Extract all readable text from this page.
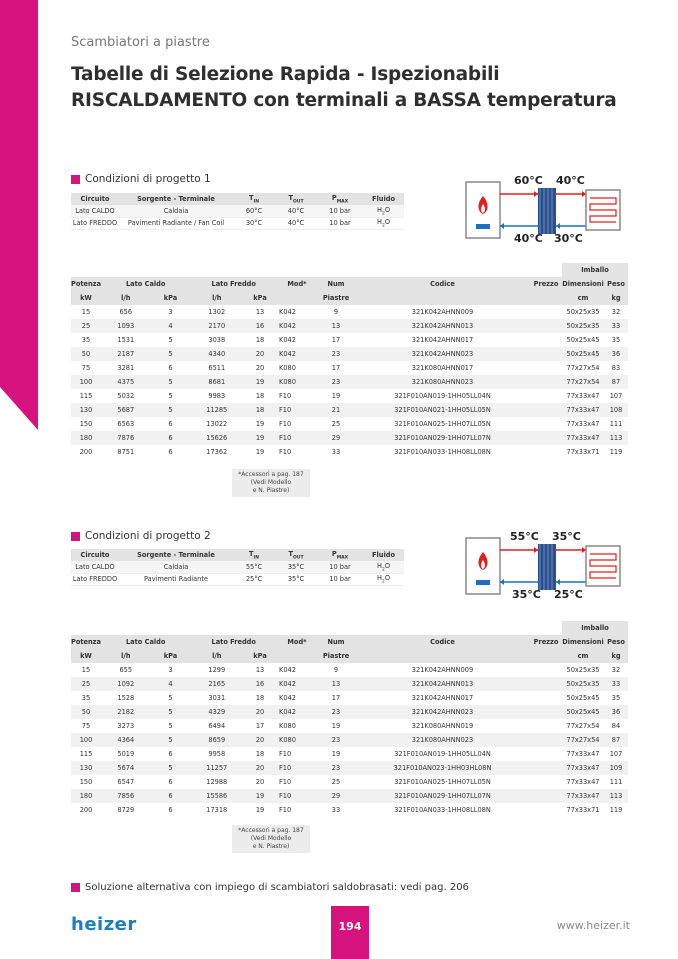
Scambiatori a piastre
Tabelle di Selezione Rapida - Ispezionabili
RISCALDAMENTO con terminali a BASSA temperatura
Condizioni di progetto 1
Circuito	Sorgente - Terminale	$T_{IN}$	$T_{OUT}$	$P_{MAX}$	Fluido
Lato CALDO	Caldaia	60°C	40°C	10 bar	$H_2O$
Lato FREDDO	Pavimenti Radiante / Fan Coil	30°C	40°C	10 bar	$H_2O$
60°C 40°C
40°C 30°C
									Imballo	
Potenza	Lato Caldo		Lato Freddo		Mod*	Num	Codice	Prezzo	Dimensioni	Peso
kW	l/h	kPa	l/h	kPa		Piastre			cm	kg
15	656	3	1302	13	K042	9	321K042AHNN009		50x25x35	32
25	1093	4	2170	16	K042	13	321K042AHNN013		50x25x35	33
35	1531	5	3038	18	K042	17	321K042AHNN017		50x25x45	35
50	2187	5	4340	20	K042	23	321K042AHNN023		50x25x45	36
75	3281	6	6511	20	K080	17	321K080AHNN017		77x27x54	83
100	4375	5	8681	19	K080	23	321K080AHNN023		77x27x54	87
115	5032	5	9983	18	F10	19	321F010AN019-1HH05LL04N		77x33x47	107
130	5687	5	11285	18	F10	21	321F010AN021-1HH05LL05N		77x33x47	108
150	6563	6	13022	19	F10	25	321F010AN025-1HH07LL05N		77x33x47	111
180	7876	6	15626	19	F10	29	321F010AN029-1HH07LL07N		77x33x47	113
200	8751	6	17362	19	F10	33	321F010AN033-1HH08LL08N		77x33x71	119
*Accessori a pag. 187
(Vedi Modello
e N. Piastre)
Condizioni di progetto 2
Circuito	Sorgente - Terminale	$T_{IN}$	$T_{OUT}$	$P_{MAX}$	Fluido
Lato CALDO	Caldaia	55°C	35°C	10 bar	$H_2O$
Lato FREDDO	Pavimenti Radiante	25°C	35°C	10 bar	$H_2O$
55°C 35°C
35°C 25°C
									Imballo	
Potenza	Lato Caldo		Lato Freddo		Mod*	Num	Codice	Prezzo	Dimensioni	Peso
kW	l/h	kPa	l/h	kPa		Piastre			cm	kg
15	655	3	1299	13	K042	9	321K042AHNN009		50x25x35	32
25	1092	4	2165	16	K042	13	321K042AHNN013		50x25x35	33
35	1528	5	3031	18	K042	17	321K042AHNN017		50x25x45	35
50	2182	5	4329	20	K042	23	321K042AHNN023		50x25x45	36
75	3273	5	6494	17	K080	19	321K080AHNN019		77x27x54	84
100	4364	5	8659	20	K080	23	321K080AHNN023		77x27x54	87
115	5019	6	9958	18	F10	19	321F010AN019-1HH05LL04N		77x33x47	107
130	5674	5	11257	20	F10	23	321F010AN023-1HH03HL08N		77x33x47	109
150	6547	6	12988	20	F10	25	321F010AN025-1HH07LL05N		77x33x47	111
180	7856	6	15586	19	F10	29	321F010AN029-1HH07LL07N		77x33x47	113
200	8729	6	17318	19	F10	33	321F010AN033-1HH08LL08N		77x33x71	119
*Accessori a pag. 187
(Vedi Modello
e N. Piastre)
Soluzione alternativa con impiego di scambiatori saldobrasati: vedi pag. 206
heizer	194	www.heizer.it
